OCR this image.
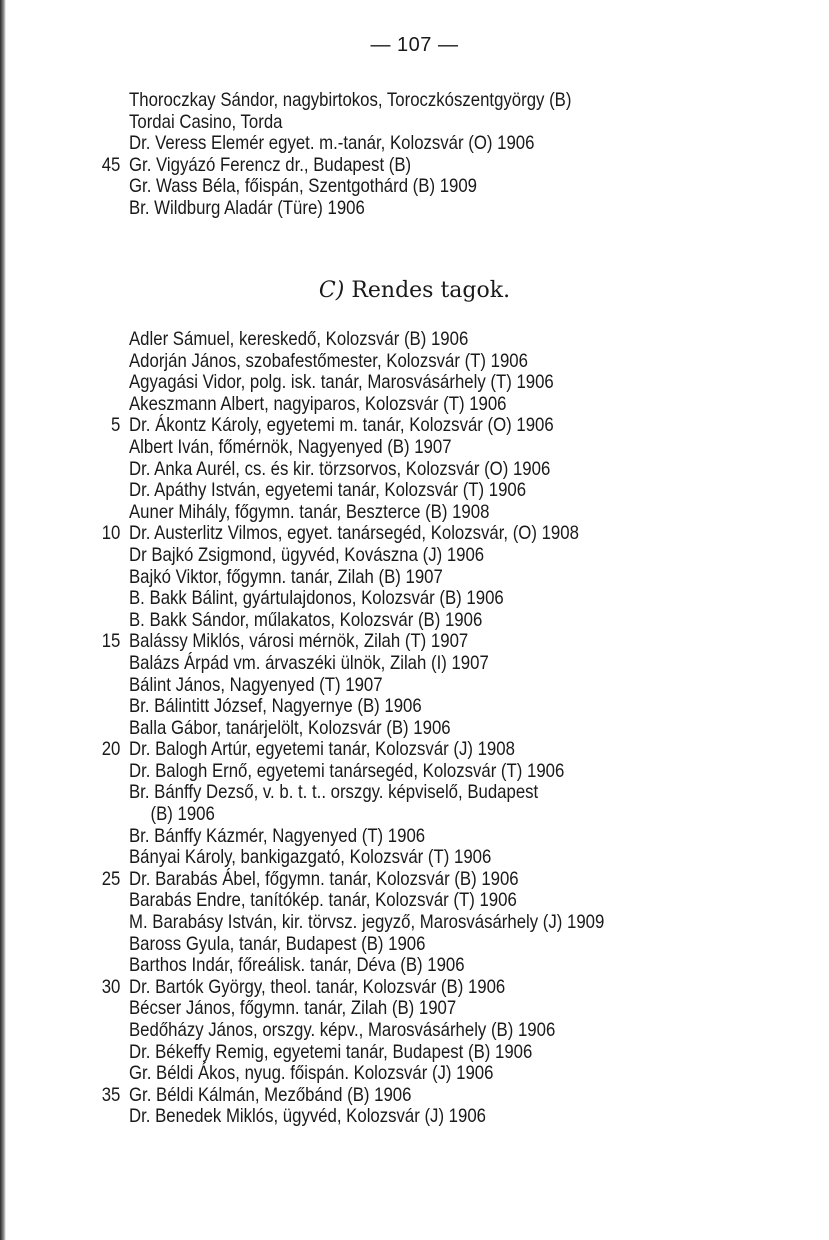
— 107 —
Thoroczkay Sándor, nagybirtokos, Toroczkószentgyörgy (B)
Tordai Casino, Torda
Dr. Veress Elemér egyet. m.-tanár, Kolozsvár (O) 1906
45 Gr. Vigyázó Ferencz dr., Budapest (B)
Gr. Wass Béla, főispán, Szentgothárd (B) 1909
Br. Wildburg Aladár (Türe) 1906
C) Rendes tagok.
Adler Sámuel, kereskedő, Kolozsvár (B) 1906
Adorján János, szobafestőmester, Kolozsvár (T) 1906
Agyagási Vidor, polg. isk. tanár, Marosvásárhely (T) 1906
Akeszmann Albert, nagyiparos, Kolozsvár (T) 1906
5 Dr. Ákontz Károly, egyetemi m. tanár, Kolozsvár (O) 1906
Albert Iván, főmérnök, Nagyenyed (B) 1907
Dr. Anka Aurél, cs. és kir. törzsorvos, Kolozsvár (O) 1906
Dr. Apáthy István, egyetemi tanár, Kolozsvár (T) 1906
Auner Mihály, főgymn. tanár, Beszterce (B) 1908
10 Dr. Austerlitz Vilmos, egyet. tanársegéd, Kolozsvár, (O) 1908
Dr Bajkó Zsigmond, ügyvéd, Kovászna (J) 1906
Bajkó Viktor, főgymn. tanár, Zilah (B) 1907
B. Bakk Bálint, gyártulajdonos, Kolozsvár (B) 1906
B. Bakk Sándor, műlakatos, Kolozsvár (B) 1906
15 Balássy Miklós, városi mérnök, Zilah (T) 1907
Balázs Árpád vm. árvaszéki ülnök, Zilah (I) 1907
Bálint János, Nagyenyed (T) 1907
Br. Bálintitt József, Nagyernye (B) 1906
Balla Gábor, tanárjelölt, Kolozsvár (B) 1906
20 Dr. Balogh Artúr, egyetemi tanár, Kolozsvár (J) 1908
Dr. Balogh Ernő, egyetemi tanársegéd, Kolozsvár (T) 1906
Br. Bánffy Dezső, v. b. t. t.. orszgy. képviselő, Budapest
(B) 1906
Br. Bánffy Kázmér, Nagyenyed (T) 1906
Bányai Károly, bankigazgató, Kolozsvár (T) 1906
25 Dr. Barabás Ábel, főgymn. tanár, Kolozsvár (B) 1906
Barabás Endre, tanítókép. tanár, Kolozsvár (T) 1906
M. Barabásy István, kir. törvsz. jegyző, Marosvásárhely (J) 1909
Baross Gyula, tanár, Budapest (B) 1906
Barthos Indár, főreálisk. tanár, Déva (B) 1906
30 Dr. Bartók György, theol. tanár, Kolozsvár (B) 1906
Bécser János, főgymn. tanár, Zilah (B) 1907
Bedőházy János, orszgy. képv., Marosvásárhely (B) 1906
Dr. Békeffy Remig, egyetemi tanár, Budapest (B) 1906
Gr. Béldi Ákos, nyug. főispán. Kolozsvár (J) 1906
35 Gr. Béldi Kálmán, Mezőbánd (B) 1906
Dr. Benedek Miklós, ügyvéd, Kolozsvár (J) 1906
